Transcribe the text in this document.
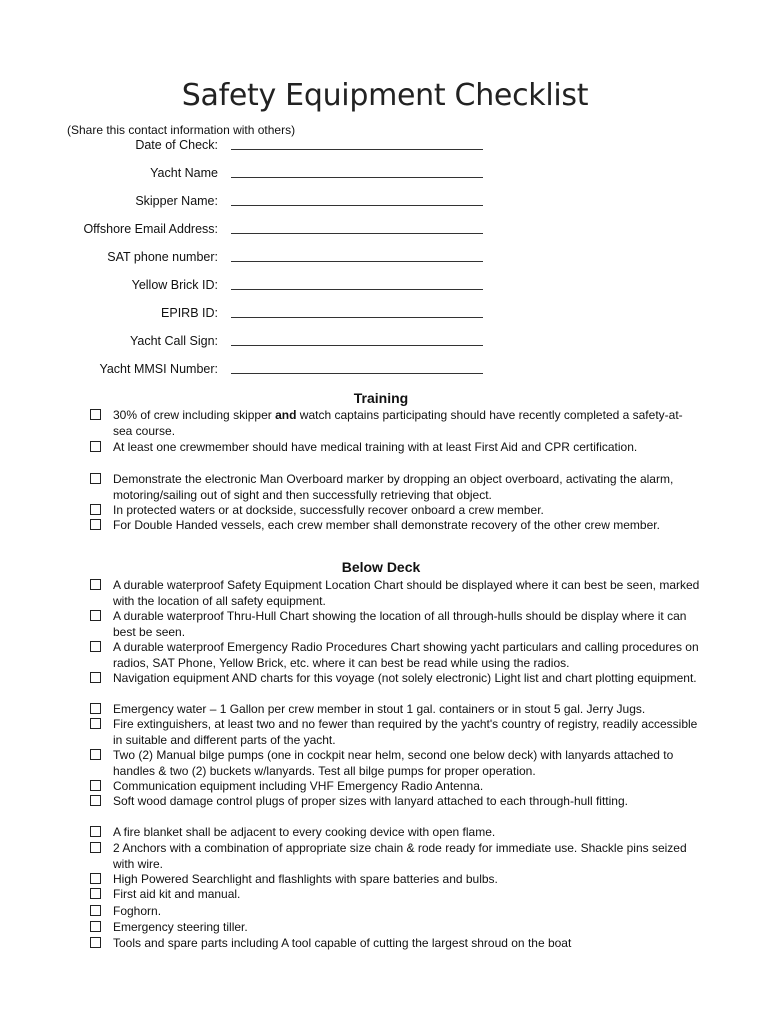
Safety Equipment Checklist
(Share this contact information with others)
Date of Check:
Yacht Name
Skipper Name:
Offshore Email Address:
SAT phone number:
Yellow Brick ID:
EPIRB ID:
Yacht Call Sign:
Yacht MMSI Number:
Training
30% of crew including skipper and watch captains participating should have recently completed a safety-at-sea course.
At least one crewmember should have medical training with at least First Aid and CPR certification.
Demonstrate the electronic Man Overboard marker by dropping an object overboard, activating the alarm, motoring/sailing out of sight and then successfully retrieving that object.
In protected waters or at dockside, successfully recover onboard a crew member.
For Double Handed vessels, each crew member shall demonstrate recovery of the other crew member.
Below Deck
A durable waterproof Safety Equipment Location Chart should be displayed where it can best be seen, marked with the location of all safety equipment.
A durable waterproof Thru-Hull Chart showing the location of all through-hulls should be display where it can best be seen.
A durable waterproof Emergency Radio Procedures Chart showing yacht particulars and calling procedures on radios, SAT Phone, Yellow Brick, etc. where it can best be read while using the radios.
Navigation equipment AND charts for this voyage (not solely electronic) Light list and chart plotting equipment.
Emergency water – 1 Gallon per crew member in stout 1 gal. containers or in stout 5 gal. Jerry Jugs.
Fire extinguishers, at least two and no fewer than required by the yacht's country of registry, readily accessible in suitable and different parts of the yacht.
Two (2) Manual bilge pumps (one in cockpit near helm, second one below deck) with lanyards attached to handles & two (2) buckets w/lanyards. Test all bilge pumps for proper operation.
Communication equipment including VHF Emergency Radio Antenna.
Soft wood damage control plugs of proper sizes with lanyard attached to each through-hull fitting.
A fire blanket shall be adjacent to every cooking device with open flame.
2 Anchors with a combination of appropriate size chain & rode ready for immediate use. Shackle pins seized with wire.
High Powered Searchlight and flashlights with spare batteries and bulbs.
First aid kit and manual.
Foghorn.
Emergency steering tiller.
Tools and spare parts including A tool capable of cutting the largest shroud on the boat
